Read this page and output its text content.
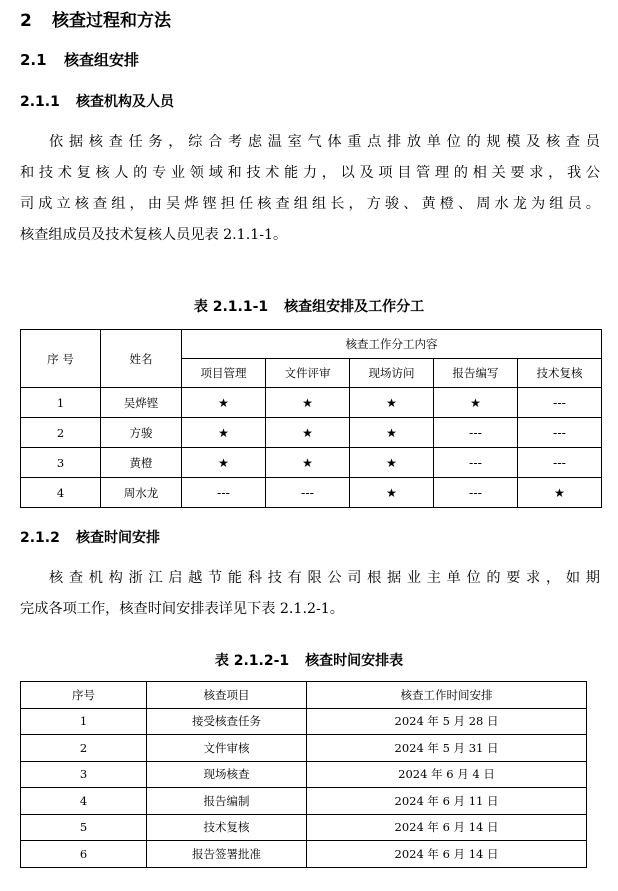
2 核查过程和方法
2.1 核查组安排
2.1.1 核查机构及人员

依据核查任务，综合考虑温室气体重点排放单位的规模及核查员
和技术复核人的专业领域和技术能力，以及项目管理的相关要求，我公
司成立核查组，由吴烨铿担任核查组组长，方骏、黄橙、周水龙为组员。
核查组成员及技术复核人员见表 2.1.1-1。

表 2.1.1-1 核查组安排及工作分工

序 号	姓名	核查工作分工内容				
		项目管理	文件评审	现场访问	报告编写	技术复核
1	吴烨铿	★	★	★	★	---
2	方骏	★	★	★	---	---
3	黄橙	★	★	★	---	---
4	周水龙	---	---	★	---	★
2.1.2 核查时间安排

核查机构浙江启越节能科技有限公司根据业主单位的要求，如期
完成各项工作，核查时间安排表详见下表 2.1.2-1。

表 2.1.2-1 核查时间安排表

序号	核查项目	核查工作时间安排
1	接受核查任务	2024 年 5 月 28 日
2	文件审核	2024 年 5 月 31 日
3	现场核查	2024 年 6 月 4 日
4	报告编制	2024 年 6 月 11 日
5	技术复核	2024 年 6 月 14 日
6	报告签署批准	2024 年 6 月 14 日
